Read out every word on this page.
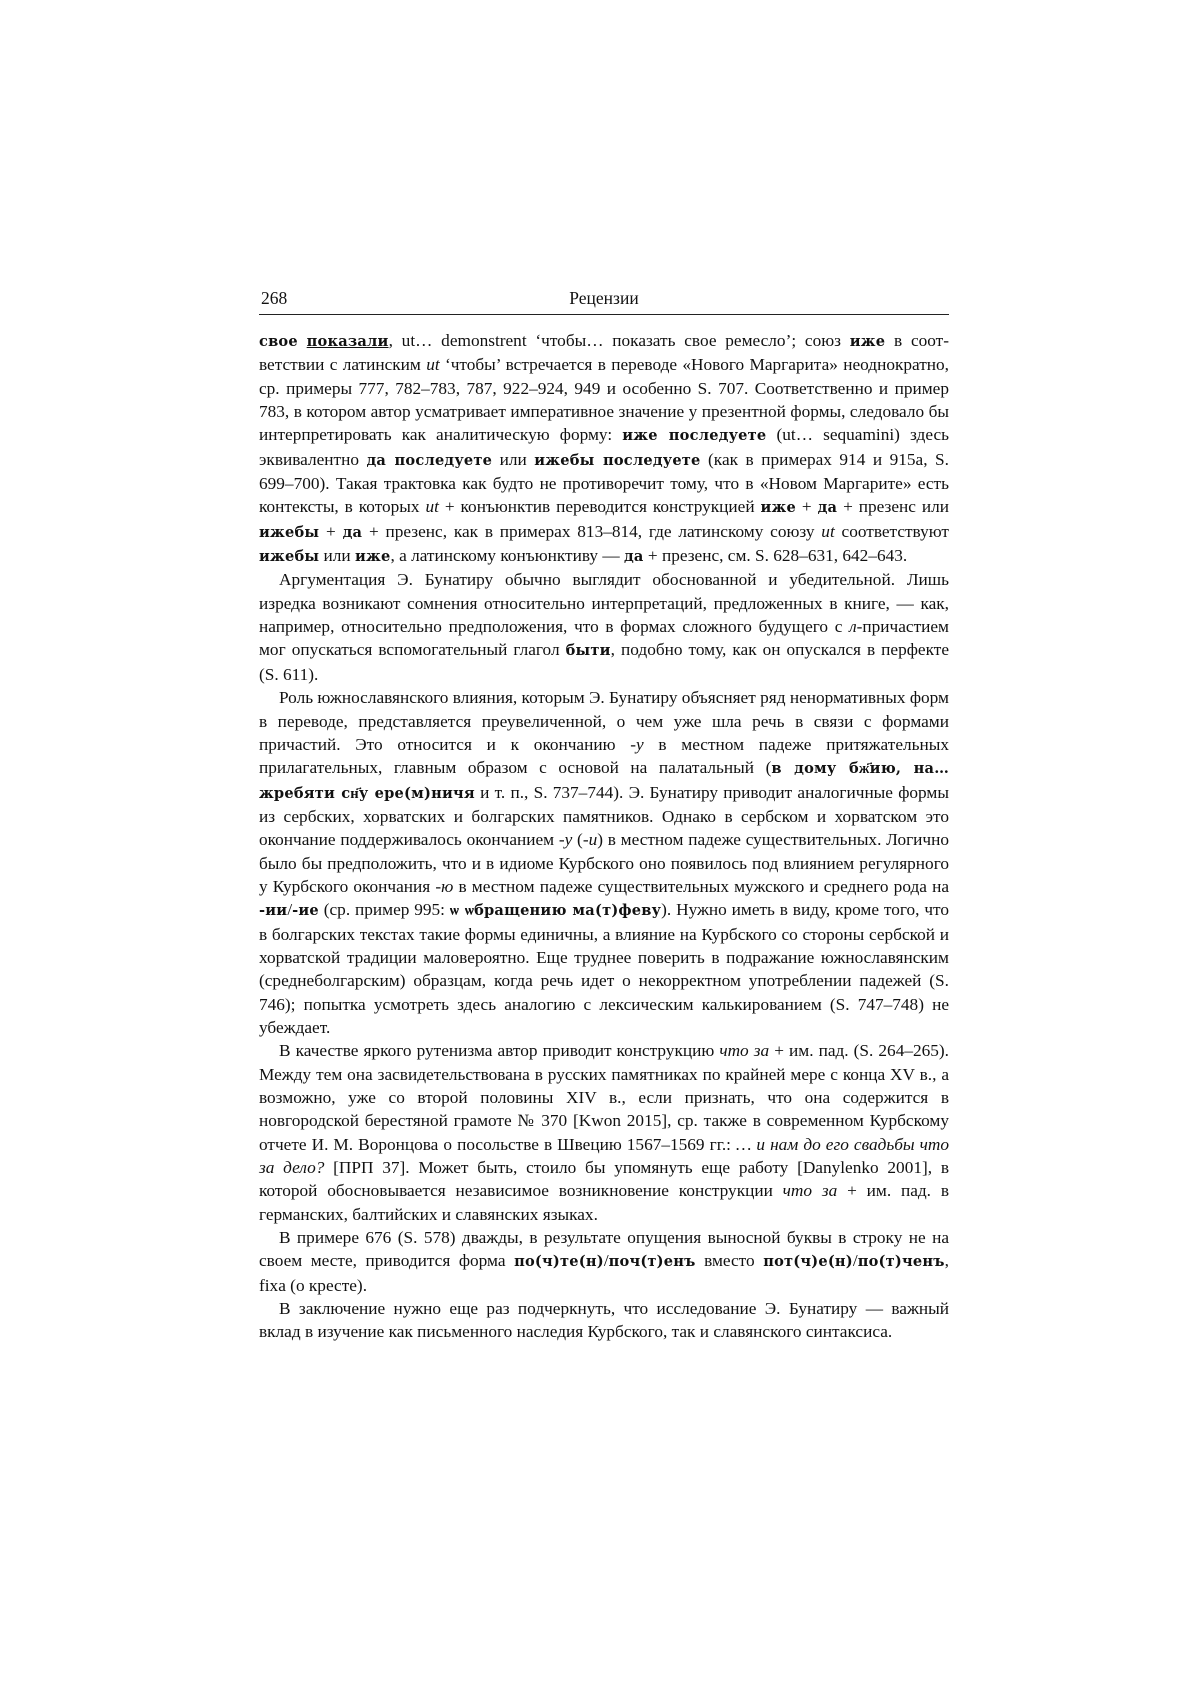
268	Рецензии

свое показали, ut… demonstrent ‘чтобы… показать свое ремесло’; союз иже в соответствии с латинским ut ‘чтобы’ встречается в переводе «Нового Маргарита» неоднократно, ср. примеры 777, 782–783, 787, 922–924, 949 и особенно S. 707. Соответственно и пример 783, в котором автор усматривает императивное значение у презентной формы, следовало бы интерпретировать как аналитическую форму: иже последуете (ut… sequamini) здесь эквивалентно да последуете или ижебы последуете (как в примерах 914 и 915а, S. 699–700). Такая трактовка как будто не противоречит тому, что в «Новом Маргарите» есть контексты, в которых ut + конъюнктив переводится конструкцией иже + да + презенс или ижебы + да + презенс, как в примерах 813–814, где латинскому союзу ut соответствуют ижебы или иже, а латинскому конъюнктиву — да + презенс, см. S. 628–631, 642–643.

Аргументация Э. Бунатиру обычно выглядит обоснованной и убедительной. Лишь изредка возникают сомнения относительно интерпретаций, предложенных в книге, — как, например, относительно предположения, что в формах сложного будущего с л-причастием мог опускаться вспомогательный глагол быти, подобно тому, как он опускался в перфекте (S. 611).

Роль южнославянского влияния, которым Э. Бунатиру объясняет ряд ненормативных форм в переводе, представляется преувеличенной, о чем уже шла речь в связи с формами причастий. Это относится и к окончанию -у в местном падеже притяжательных прилагательных, главным образом с основой на палатальный (в дому бж҃ию, на… жребяти сн҃у ере(м)ничя и т. п., S. 737–744). Э. Бунатиру приводит аналогичные формы из сербских, хорватских и болгарских памятников. Однако в сербском и хорватском это окончание поддерживалось окончанием -у (-и) в местном падеже существительных. Логично было бы предположить, что и в идиоме Курбского оно появилось под влиянием регулярного у Курбского окончания -ю в местном падеже существительных мужского и среднего рода на -ии/-ие (ср. пример 995: ѡ ѡбращению ма(т)феву). Нужно иметь в виду, кроме того, что в болгарских текстах такие формы единичны, а влияние на Курбского со стороны сербской и хорватской традиции маловероятно. Еще труднее поверить в подражание южнославянским (среднеболгарским) образцам, когда речь идет о некорректном употреблении падежей (S. 746); попытка усмотреть здесь аналогию с лексическим калькированием (S. 747–748) не убеждает.

В качестве яркого рутенизма автор приводит конструкцию что за + им. пад. (S. 264–265). Между тем она засвидетельствована в русских памятниках по крайней мере с конца XV в., а возможно, уже со второй половины XIV в., если признать, что она содержится в новгородской берестяной грамоте № 370 [Kwon 2015], ср. также в современном Курбскому отчете И. М. Воронцова о посольстве в Швецию 1567–1569 гг.: … и нам до его свадьбы что за дело? [ПРП 37]. Может быть, стоило бы упомянуть еще работу [Danylenko 2001], в которой обосновывается независимое возникновение конструкции что за + им. пад. в германских, балтийских и славянских языках.

В примере 676 (S. 578) дважды, в результате опущения выносной буквы в строку не на своем месте, приводится форма по(ч)те(н)/поч(т)енъ вместо пот(ч)е(н)/по(т)ченъ, fixa (о кресте).

В заключение нужно еще раз подчеркнуть, что исследование Э. Бунатиру — важный вклад в изучение как письменного наследия Курбского, так и славянского синтаксиса.
